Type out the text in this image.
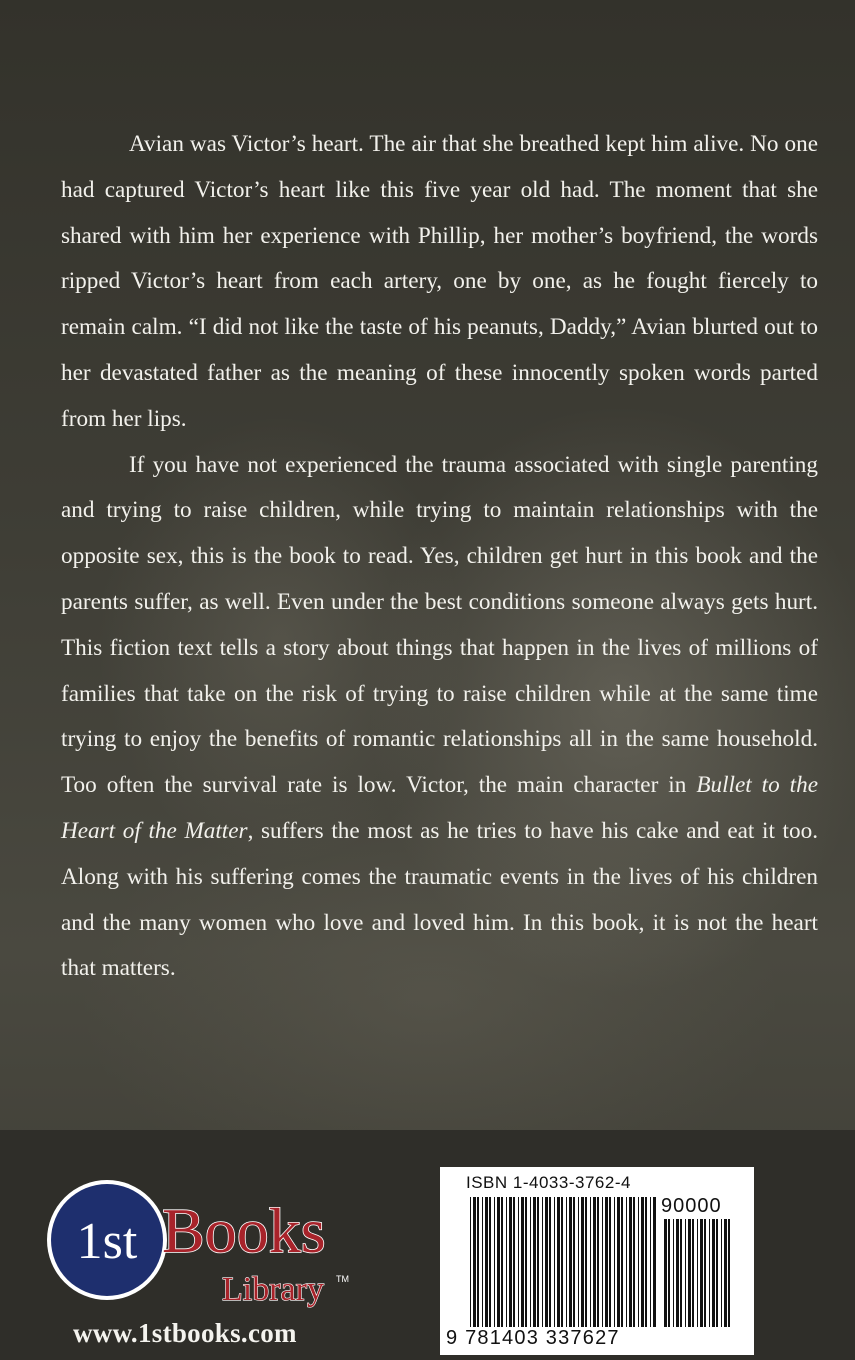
Avian was Victor’s heart. The air that she breathed kept him alive. No one had captured Victor’s heart like this five year old had. The moment that she shared with him her experience with Phillip, her mother’s boyfriend, the words ripped Victor’s heart from each artery, one by one, as he fought fiercely to remain calm. “I did not like the taste of his peanuts, Daddy,” Avian blurted out to her devastated father as the meaning of these innocently spoken words parted from her lips.

If you have not experienced the trauma associated with single parenting and trying to raise children, while trying to maintain relationships with the opposite sex, this is the book to read. Yes, children get hurt in this book and the parents suffer, as well. Even under the best conditions someone always gets hurt. This fiction text tells a story about things that happen in the lives of millions of families that take on the risk of trying to raise children while at the same time trying to enjoy the benefits of romantic relationships all in the same household. Too often the survival rate is low. Victor, the main character in Bullet to the Heart of the Matter, suffers the most as he tries to have his cake and eat it too. Along with his suffering comes the traumatic events in the lives of his children and the many women who love and loved him. In this book, it is not the heart that matters.

1st Books
Library TM
www.1stbooks.com
ISBN 1-4033-3762-4
90000
9 781403 337627
